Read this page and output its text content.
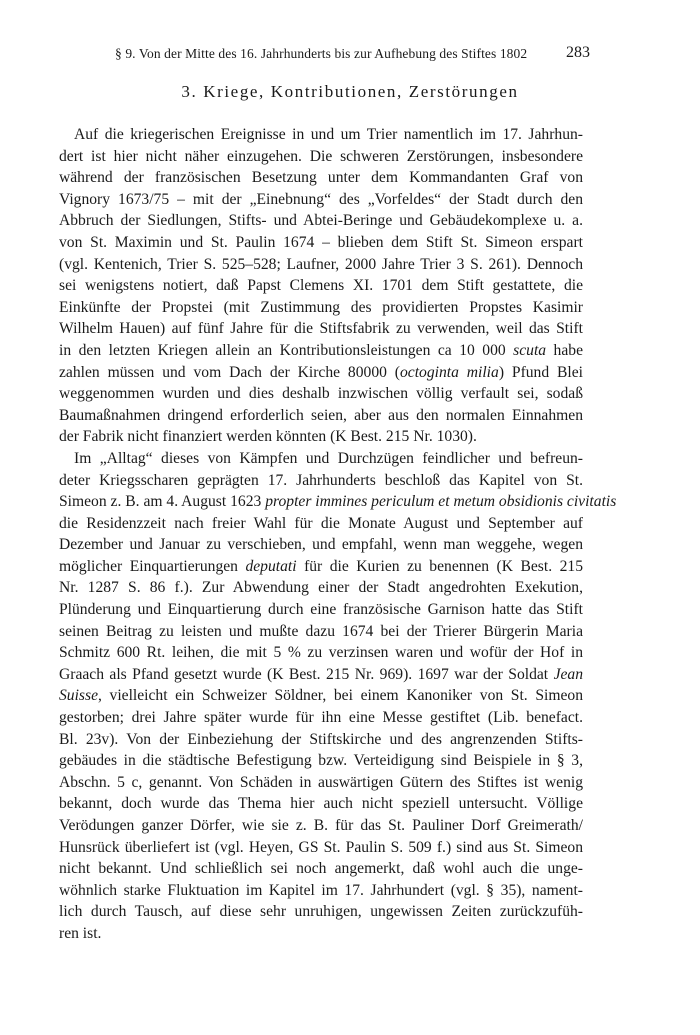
§ 9. Von der Mitte des 16. Jahrhunderts bis zur Aufhebung des Stiftes 1802 283
3. Kriege, Kontributionen, Zerstörungen
Auf die kriegerischen Ereignisse in und um Trier namentlich im 17. Jahrhun-
dert ist hier nicht näher einzugehen. Die schweren Zerstörungen, insbesondere
während der französischen Besetzung unter dem Kommandanten Graf von
Vignory 1673/75 – mit der „Einebnung“ des „Vorfeldes“ der Stadt durch den
Abbruch der Siedlungen, Stifts- und Abtei-Beringe und Gebäudekomplexe u. a.
von St. Maximin und St. Paulin 1674 – blieben dem Stift St. Simeon erspart
(vgl. Kentenich, Trier S. 525–528; Laufner, 2000 Jahre Trier 3 S. 261). Dennoch
sei wenigstens notiert, daß Papst Clemens XI. 1701 dem Stift gestattete, die
Einkünfte der Propstei (mit Zustimmung des providierten Propstes Kasimir
Wilhelm Hauen) auf fünf Jahre für die Stiftsfabrik zu verwenden, weil das Stift
in den letzten Kriegen allein an Kontributionsleistungen ca 10 000 scuta habe
zahlen müssen und vom Dach der Kirche 80000 (octoginta milia) Pfund Blei
weggenommen wurden und dies deshalb inzwischen völlig verfault sei, sodaß
Baumaßnahmen dringend erforderlich seien, aber aus den normalen Einnahmen
der Fabrik nicht finanziert werden könnten (K Best. 215 Nr. 1030).
Im „Alltag“ dieses von Kämpfen und Durchzügen feindlicher und befreun-
deter Kriegsscharen geprägten 17. Jahrhunderts beschloß das Kapitel von St.
Simeon z. B. am 4. August 1623 propter immines periculum et metum obsidionis civitatis
die Residenzzeit nach freier Wahl für die Monate August und September auf
Dezember und Januar zu verschieben, und empfahl, wenn man weggehe, wegen
möglicher Einquartierungen deputati für die Kurien zu benennen (K Best. 215
Nr. 1287 S. 86 f.). Zur Abwendung einer der Stadt angedrohten Exekution,
Plünderung und Einquartierung durch eine französische Garnison hatte das Stift
seinen Beitrag zu leisten und mußte dazu 1674 bei der Trierer Bürgerin Maria
Schmitz 600 Rt. leihen, die mit 5 % zu verzinsen waren und wofür der Hof in
Graach als Pfand gesetzt wurde (K Best. 215 Nr. 969). 1697 war der Soldat Jean
Suisse, vielleicht ein Schweizer Söldner, bei einem Kanoniker von St. Simeon
gestorben; drei Jahre später wurde für ihn eine Messe gestiftet (Lib. benefact.
Bl. 23v). Von der Einbeziehung der Stiftskirche und des angrenzenden Stifts-
gebäudes in die städtische Befestigung bzw. Verteidigung sind Beispiele in § 3,
Abschn. 5 c, genannt. Von Schäden in auswärtigen Gütern des Stiftes ist wenig
bekannt, doch wurde das Thema hier auch nicht speziell untersucht. Völlige
Verödungen ganzer Dörfer, wie sie z. B. für das St. Pauliner Dorf Greimerath/
Hunsrück überliefert ist (vgl. Heyen, GS St. Paulin S. 509 f.) sind aus St. Simeon
nicht bekannt. Und schließlich sei noch angemerkt, daß wohl auch die unge-
wöhnlich starke Fluktuation im Kapitel im 17. Jahrhundert (vgl. § 35), nament-
lich durch Tausch, auf diese sehr unruhigen, ungewissen Zeiten zurückzufüh-
ren ist.
